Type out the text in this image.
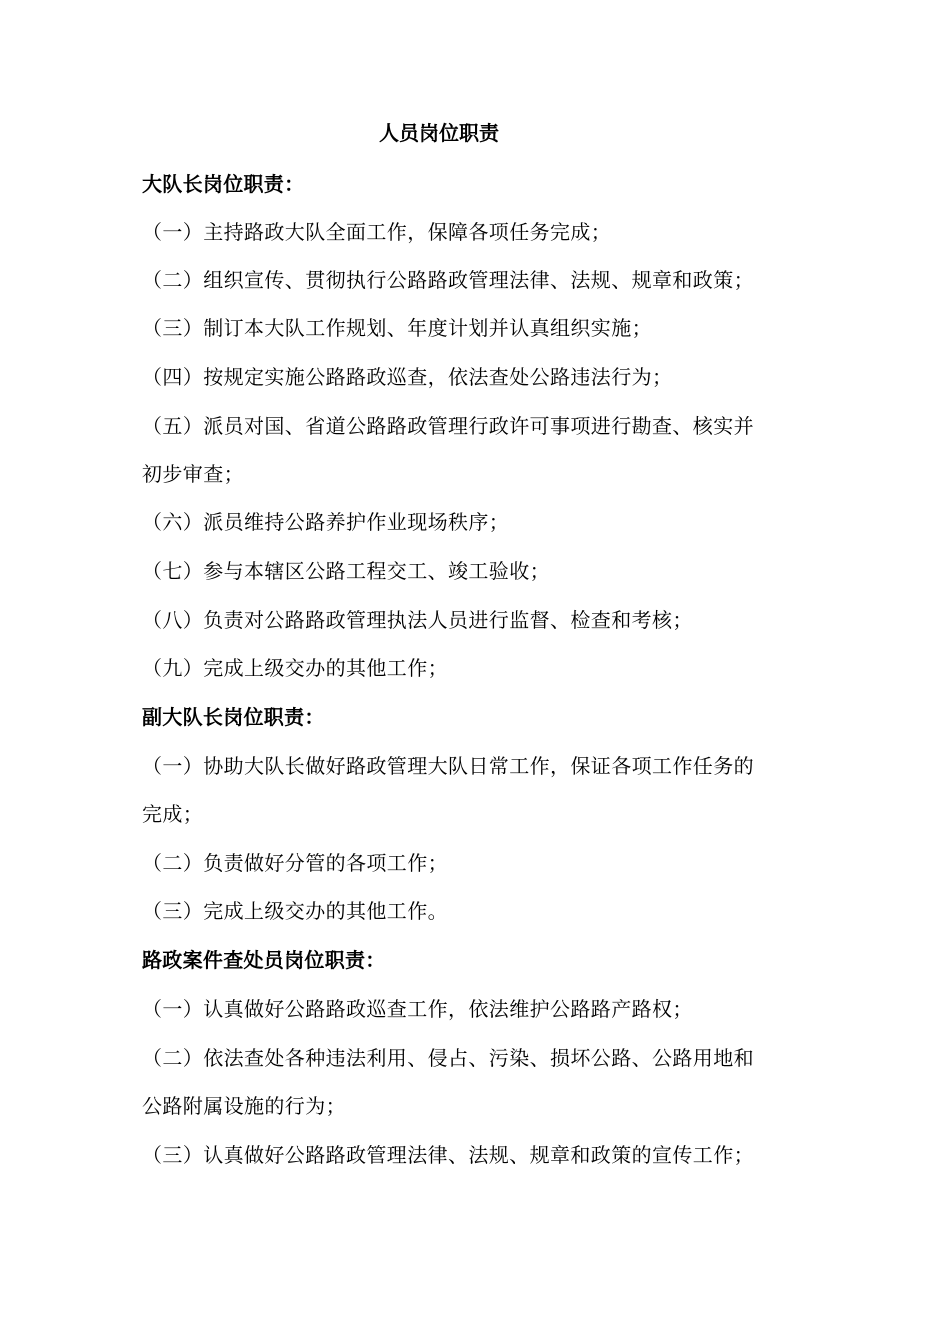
人员岗位职责
大队长岗位职责：
（一）主持路政大队全面工作，保障各项任务完成；
（二）组织宣传、贯彻执行公路路政管理法律、法规、规章和政策；
（三）制订本大队工作规划、年度计划并认真组织实施；
（四）按规定实施公路路政巡查，依法查处公路违法行为；
（五）派员对国、省道公路路政管理行政许可事项进行勘查、核实并
初步审查；
（六）派员维持公路养护作业现场秩序；
（七）参与本辖区公路工程交工、竣工验收；
（八）负责对公路路政管理执法人员进行监督、检查和考核；
（九）完成上级交办的其他工作；
副大队长岗位职责：
（一）协助大队长做好路政管理大队日常工作，保证各项工作任务的
完成；
（二）负责做好分管的各项工作；
（三）完成上级交办的其他工作。
路政案件查处员岗位职责：
（一）认真做好公路路政巡查工作，依法维护公路路产路权；
（二）依法查处各种违法利用、侵占、污染、损坏公路、公路用地和
公路附属设施的行为；
（三）认真做好公路路政管理法律、法规、规章和政策的宣传工作；
